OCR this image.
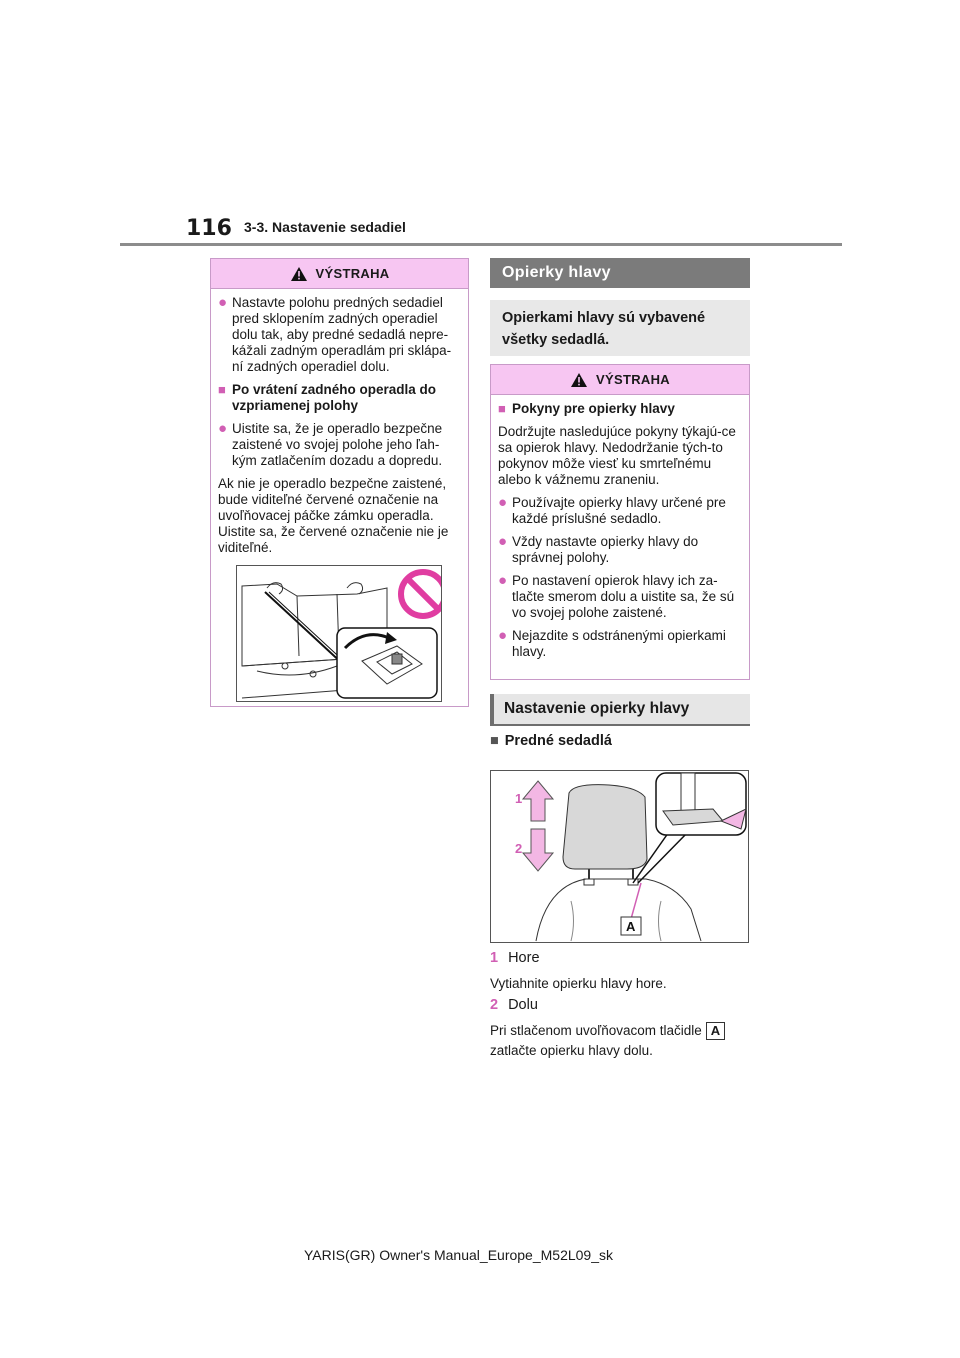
116 3-3. Nastavenie sedadiel
VÝSTRAHA
● Nastavte polohu predných sedadiel pred sklopením zadných operadiel dolu tak, aby predné sedadlá nepre-kážali zadným operadlám pri sklápa-ní zadných operadiel dolu.
■ Po vrátení zadného operadla do vzpriamenej polohy
● Uistite sa, že je operadlo bezpečne zaistené vo svojej polohe jeho ľah-kým zatlačením dozadu a dopredu.
Ak nie je operadlo bezpečne zaistené, bude viditeľné červené označenie na uvoľňovacej páčke zámku operadla. Uistite sa, že červené označenie nie je viditeľné.
Opierky hlavy
Opierkami hlavy sú vybavené všetky sedadlá.
VÝSTRAHA
■ Pokyny pre opierky hlavy
Dodržujte nasledujúce pokyny týkajú-ce sa opierok hlavy. Nedodržanie tých-to pokynov môže viesť ku smrteľnému alebo k vážnemu zraneniu.
● Používajte opierky hlavy určené pre každé príslušné sedadlo.
● Vždy nastavte opierky hlavy do správnej polohy.
● Po nastavení opierok hlavy ich za-tlačte smerom dolu a uistite sa, že sú vo svojej polohe zaistené.
● Nejazdite s odstránenými opierkami hlavy.
Nastavenie opierky hlavy
■ Predné sedadlá
1
2
A
1 Hore
Vytiahnite opierku hlavy hore.
2 Dolu
Pri stlačenom uvoľňovacom tlačidle A
zatlačte opierku hlavy dolu.
YARIS(GR) Owner's Manual_Europe_M52L09_sk
